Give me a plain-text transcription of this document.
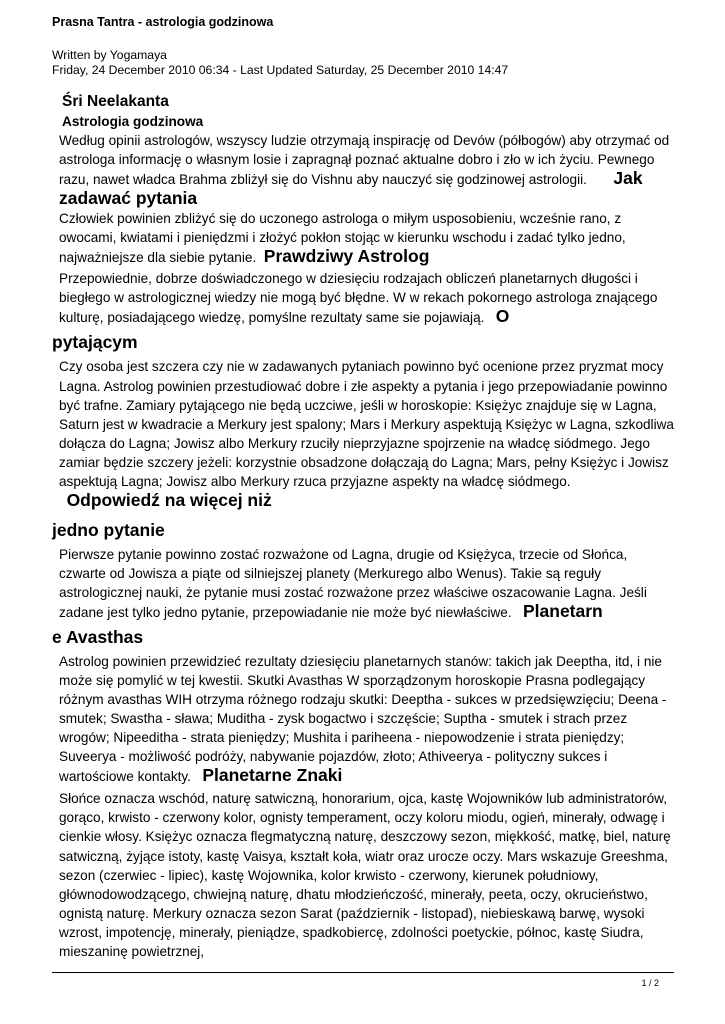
Prasna Tantra - astrologia godzinowa
Written by Yogamaya
Friday, 24 December 2010 06:34 - Last Updated Saturday, 25 December 2010 14:47

Śri Neelakanta

Astrologia godzinowa

Według opinii astrologów, wszyscy ludzie otrzymają inspirację od Devów (półbogów) aby otrzymać od astrologa informację o własnym losie i zapragnął poznać aktualne dobro i zło w ich życiu. Pewnego razu, nawet władca Brahma zbliżył się do Vishnu aby nauczyć się godzinowej astrologii. Jak zadawać pytania

Człowiek powinien zbliżyć się do uczonego astrologa o miłym usposobieniu, wcześnie rano, z owocami, kwiatami i pieniędzmi i złożyć pokłon stojąc w kierunku wschodu i zadać tylko jedno, najważniejsze dla siebie pytanie. Prawdziwy Astrolog

Przepowiednie, dobrze doświadczonego w dziesięciu rodzajach obliczeń planetarnych długości i biegłego w astrologicznej wiedzy nie mogą być błędne. W w rekach pokornego astrologa znającego kulturę, posiadającego wiedzę, pomyślne rezultaty same sie pojawiają. O

pytającym

Czy osoba jest szczera czy nie w zadawanych pytaniach powinno być ocenione przez pryzmat mocy Lagna. Astrolog powinien przestudiować dobre i złe aspekty a pytania i jego przepowiadanie powinno być trafne. Zamiary pytającego nie będą uczciwe, jeśli w horoskopie: Księżyc znajduje się w Lagna, Saturn jest w kwadracie a Merkury jest spalony; Mars i Merkury aspektują Księżyc w Lagna, szkodliwa dołącza do Lagna; Jowisz albo Merkury rzuciły nieprzyjazne spojrzenie na władcę siódmego. Jego zamiar będzie szczery jeżeli: korzystnie obsadzone dołączają do Lagna; Mars, pełny Księżyc i Jowisz aspektują Lagna; Jowisz albo Merkury rzuca przyjazne aspekty na władcę siódmego.   Odpowiedź na więcej niż

jedno pytanie

Pierwsze pytanie powinno zostać rozważone od Lagna, drugie od Księżyca, trzecie od Słońca, czwarte od Jowisza a piąte od silniejszej planety (Merkurego albo Wenus). Takie są reguły astrologicznej nauki, że pytanie musi zostać rozważone przez właściwe oszacowanie Lagna. Jeśli zadane jest tylko jedno pytanie, przepowiadanie nie może być niewłaściwe. Planetarn

e Avasthas

Astrolog powinien przewidzieć rezultaty dziesięciu planetarnych stanów: takich jak Deeptha, itd, i nie może się pomylić w tej kwestii. Skutki Avasthas W sporządzonym horoskopie Prasna podlegający różnym avasthas WIH otrzyma różnego rodzaju skutki: Deeptha - sukces w przedsięwzięciu; Deena - smutek; Swastha - sława; Muditha - zysk bogactwo i szczęście; Suptha - smutek i strach przez wrogów; Nipeeditha - strata pieniędzy; Mushita i pariheena - niepowodzenie i strata pieniędzy; Suveerya - możliwość podróży, nabywanie pojazdów, złoto; Athiveerya - polityczny sukces i wartościowe kontakty. Planetarne Znaki

Słońce oznacza wschód, naturę satwiczną, honorarium, ojca, kastę Wojowników lub administratorów, gorąco, krwisto - czerwony kolor, ognisty temperament, oczy koloru miodu, ogień, minerały, odwagę i cienkie włosy. Księżyc oznacza flegmatyczną naturę, deszczowy sezon, miękkość, matkę, biel, naturę satwiczną, żyjące istoty, kastę Vaisya, kształt koła, wiatr oraz urocze oczy. Mars wskazuje Greeshma, sezon (czerwiec - lipiec), kastę Wojownika, kolor krwisto - czerwony, kierunek południowy, głównodowodzącego, chwiejną naturę, dhatu młodzieńczość, minerały, peeta, oczy, okrucieństwo, ognistą naturę. Merkury oznacza sezon Sarat (październik - listopad), niebieskawą barwę, wysoki wzrost, impotencję, minerały, pieniądze, spadkobiercę, zdolności poetyckie, północ, kastę Siudra, mieszaninę powietrznej,

1 / 2
